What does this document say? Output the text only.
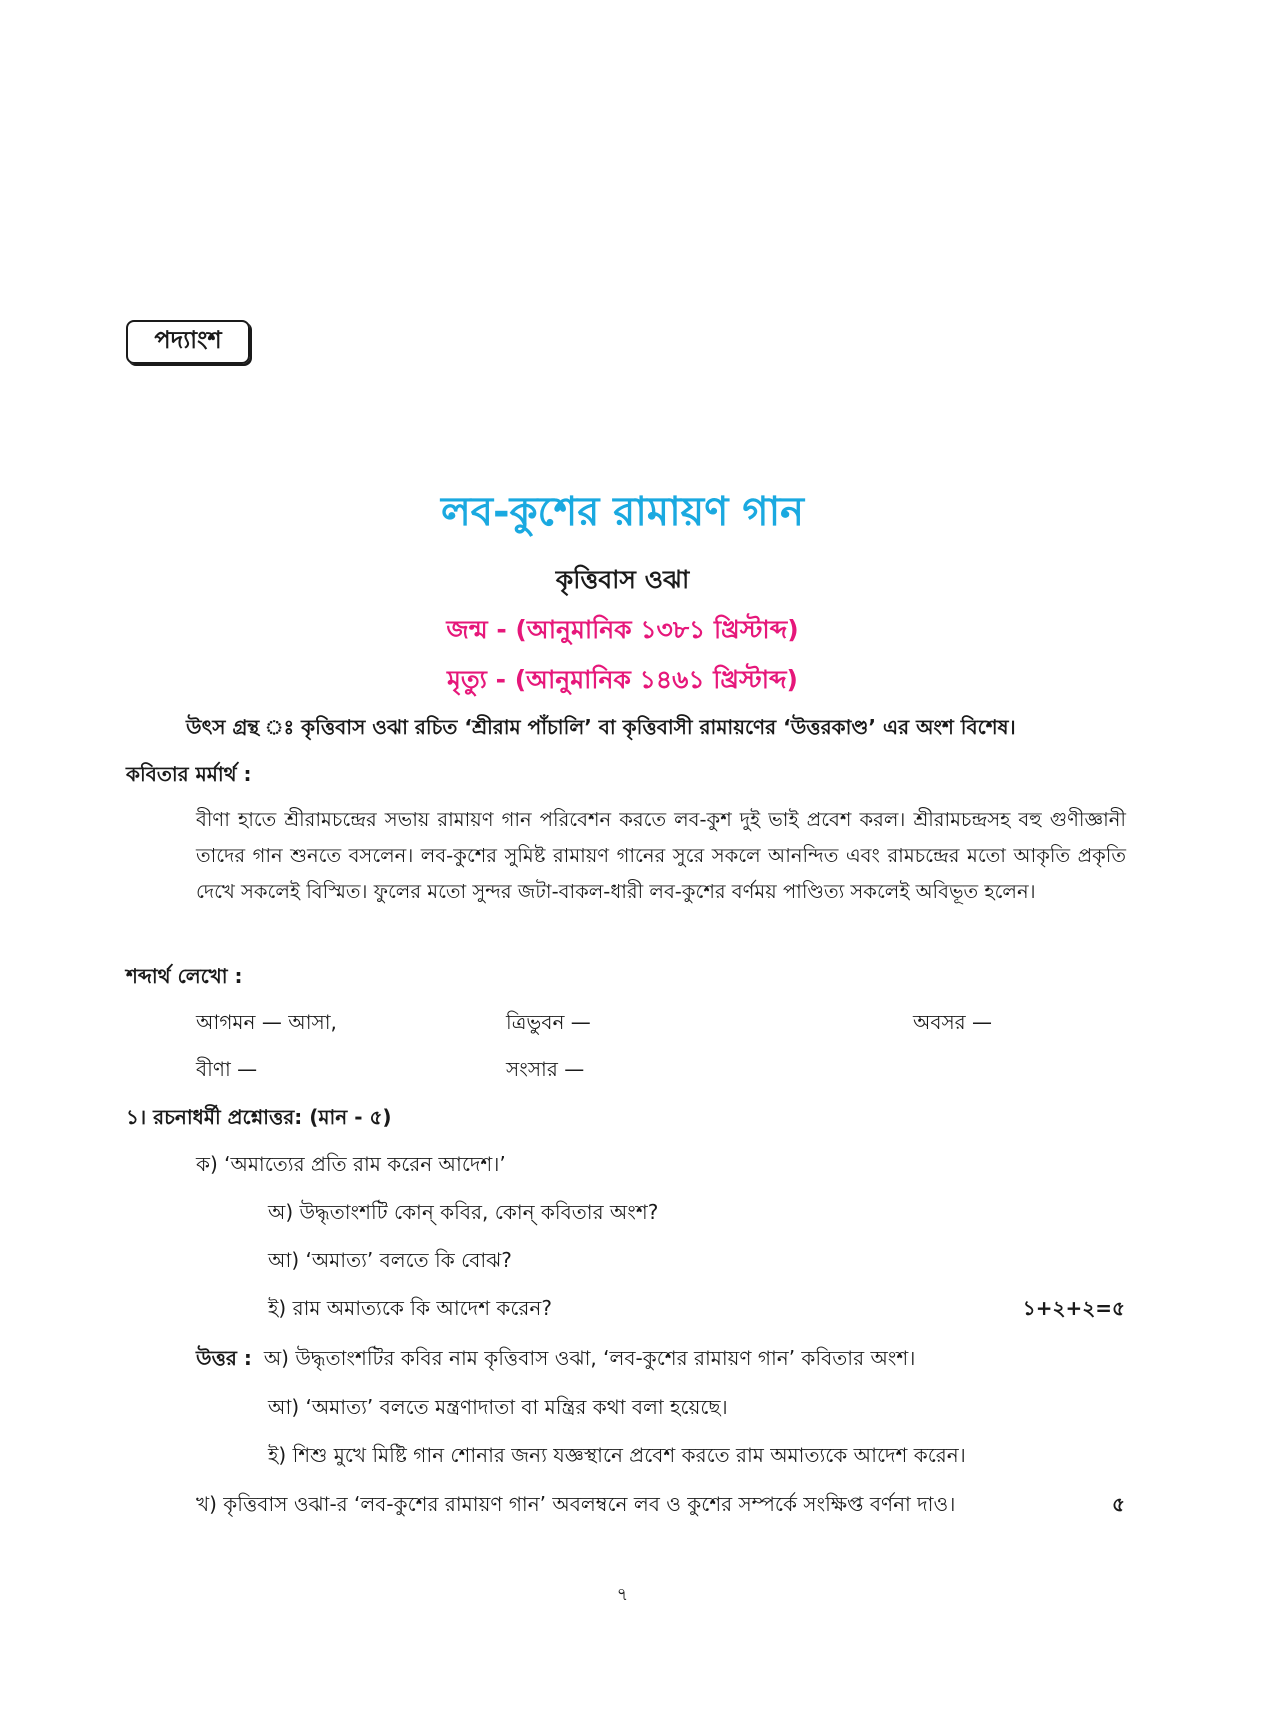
পদ্যাংশ
লব-কুশের রামায়ণ গান
কৃত্তিবাস ওঝা
জন্ম - (আনুমানিক ১৩৮১ খ্রিস্টাব্দ)
মৃত্যু - (আনুমানিক ১৪৬১ খ্রিস্টাব্দ)
উৎস গ্রন্থ ঃ কৃত্তিবাস ওঝা রচিত ‘শ্রীরাম পাঁচালি’ বা কৃত্তিবাসী রামায়ণের ‘উত্তরকাণ্ড’ এর অংশ বিশেষ।
কবিতার মর্মার্থ :

বীণা হাতে শ্রীরামচন্দ্রের সভায় রামায়ণ গান পরিবেশন করতে লব-কুশ দুই ভাই প্রবেশ করল। শ্রীরামচন্দ্রসহ বহু গুণীজ্ঞানী তাদের গান শুনতে বসলেন। লব-কুশের সুমিষ্ট রামায়ণ গানের সুরে সকলে আনন্দিত এবং রামচন্দ্রের মতো আকৃতি প্রকৃতি দেখে সকলেই বিস্মিত। ফুলের মতো সুন্দর জটা-বাকল-ধারী লব-কুশের বর্ণময় পাণ্ডিত্য সকলেই অবিভূত হলেন।

শব্দার্থ লেখো :
আগমন — আসা,	ত্রিভুবন —	অবসর —
বীণা —	সংসার —
১। রচনাধর্মী প্রশ্নোত্তর: (মান - ৫)
ক) ‘অমাত্যের প্রতি রাম করেন আদেশ।’
অ) উদ্ধৃতাংশটি কোন্ কবির, কোন্ কবিতার অংশ?
আ) ‘অমাত্য’ বলতে কি বোঝ?
ই) রাম অমাত্যকে কি আদেশ করেন?	১+২+২=৫
উত্তর : অ) উদ্ধৃতাংশটির কবির নাম কৃত্তিবাস ওঝা, ‘লব-কুশের রামায়ণ গান’ কবিতার অংশ।
আ) ‘অমাত্য’ বলতে মন্ত্রণাদাতা বা মন্ত্রির কথা বলা হয়েছে।
ই) শিশু মুখে মিষ্টি গান শোনার জন্য যজ্ঞস্থানে প্রবেশ করতে রাম অমাত্যকে আদেশ করেন।
খ) কৃত্তিবাস ওঝা-র ‘লব-কুশের রামায়ণ গান’ অবলম্বনে লব ও কুশের সম্পর্কে সংক্ষিপ্ত বর্ণনা দাও।	৫
৭
